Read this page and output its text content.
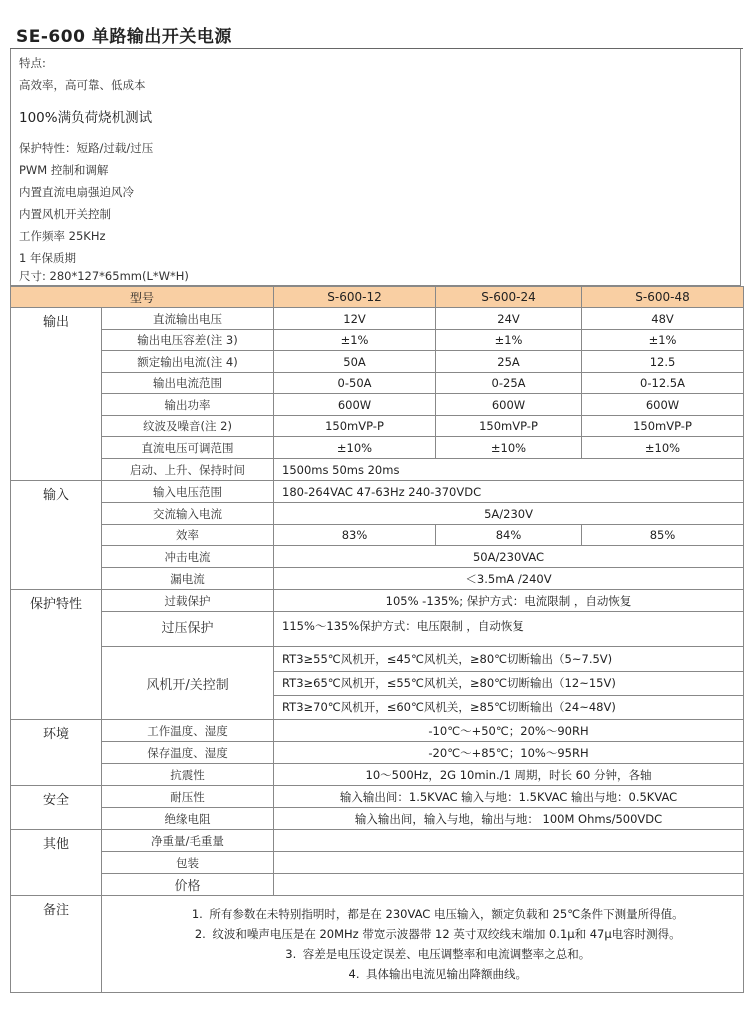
SE-600 单路输出开关电源
特点:
高效率，高可靠、低成本
100%满负荷烧机测试
保护特性：短路/过载/过压
PWM 控制和调解
内置直流电扇强迫风冷
内置风机开关控制
工作频率 25KHz
1 年保质期
尺寸: 280*127*65mm(L*W*H)
型号		S-600-12	S-600-24	S-600-48
输出	直流输出电压	12V	24V	48V
	输出电压容差(注 3)	±1%	±1%	±1%
	额定输出电流(注 4)	50A	25A	12.5
	输出电流范围	0-50A	0-25A	0-12.5A
	输出功率	600W	600W	600W
	纹波及噪音(注 2)	150mVP-P	150mVP-P	150mVP-P
	直流电压可调范围	±10%	±10%	±10%
	启动、上升、保持时间	1500ms 50ms 20ms		
输入	输入电压范围	180-264VAC 47-63Hz 240-370VDC		
	交流输入电流	5A/230V		
	效率	83%	84%	85%
	冲击电流	50A/230VAC		
	漏电流	＜3.5mA /240V		
保护特性	过载保护	105% -135%; 保护方式：电流限制 ，自动恢复		
	过压保护	115%～135%保护方式：电压限制 ，自动恢复		
	风机开/关控制	RT3≥55℃风机开，≤45℃风机关，≥80℃切断输出（5~7.5V)
RT3≥65℃风机开，≤55℃风机关，≥80℃切断输出（12~15V)
RT3≥70℃风机开，≤60℃风机关，≥85℃切断输出（24~48V)		

环境	工作温度、湿度	-10℃～+50℃；20%～90RH		
	保存温度、湿度	-20℃～+85℃；10%～95RH		
	抗震性	10～500Hz，2G 10min./1 周期，时长 60 分钟，各轴		
安全	耐压性	输入输出间：1.5KVAC 输入与地：1.5KVAC 输出与地：0.5KVAC		
	绝缘电阻	输入输出间，输入与地，输出与地： 100M Ohms/500VDC		
其他	净重量/毛重量			
	包装			
	价格			
备注	1. 所有参数在未特别指明时，都是在 230VAC 电压输入，额定负载和 25℃条件下测量所得值。
2. 纹波和噪声电压是在 20MHz 带宽示波器带 12 英寸双绞线末端加 0.1μ和 47μ电容时测得。
3. 容差是电压设定误差、电压调整率和电流调整率之总和。
4. 具体输出电流见输出降额曲线。			
